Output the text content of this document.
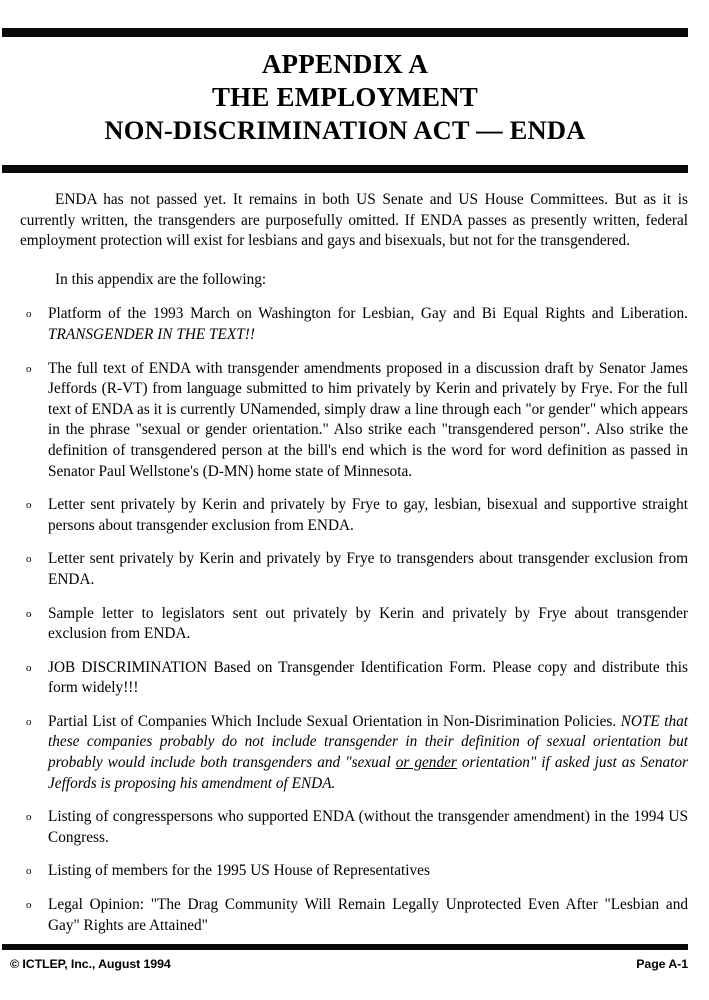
APPENDIX A
THE EMPLOYMENT
NON-DISCRIMINATION ACT — ENDA

ENDA has not passed yet. It remains in both US Senate and US House Committees. But as it is currently written, the transgenders are purposefully omitted. If ENDA passes as presently written, federal employment protection will exist for lesbians and gays and bisexuals, but not for the transgendered.

In this appendix are the following:

o Platform of the 1993 March on Washington for Lesbian, Gay and Bi Equal Rights and Liberation. TRANSGENDER IN THE TEXT!!
o The full text of ENDA with transgender amendments proposed in a discussion draft by Senator James Jeffords (R-VT) from language submitted to him privately by Kerin and privately by Frye. For the full text of ENDA as it is currently UNamended, simply draw a line through each "or gender" which appears in the phrase "sexual or gender orientation." Also strike each "transgendered person". Also strike the definition of transgendered person at the bill's end which is the word for word definition as passed in Senator Paul Wellstone's (D-MN) home state of Minnesota.
o Letter sent privately by Kerin and privately by Frye to gay, lesbian, bisexual and supportive straight persons about transgender exclusion from ENDA.
o Letter sent privately by Kerin and privately by Frye to transgenders about transgender exclusion from ENDA.
o Sample letter to legislators sent out privately by Kerin and privately by Frye about transgender exclusion from ENDA.
o JOB DISCRIMINATION Based on Transgender Identification Form. Please copy and distribute this form widely!!!
o Partial List of Companies Which Include Sexual Orientation in Non-Disrimination Policies. NOTE that these companies probably do not include transgender in their definition of sexual orientation but probably would include both transgenders and "sexual or gender orientation" if asked just as Senator Jeffords is proposing his amendment of ENDA.
o Listing of congresspersons who supported ENDA (without the transgender amendment) in the 1994 US Congress.
o Listing of members for the 1995 US House of Representatives
o Legal Opinion: "The Drag Community Will Remain Legally Unprotected Even After "Lesbian and Gay" Rights are Attained"
© ICTLEP, Inc., August 1994	Page A-1
